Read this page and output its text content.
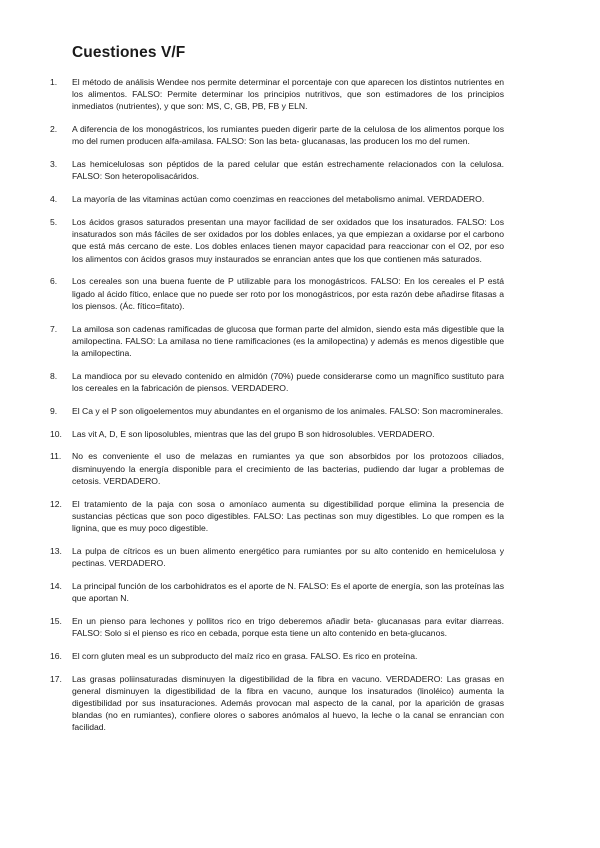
Cuestiones V/F
1.	El método de análisis Wendee nos permite determinar el porcentaje con que aparecen los distintos nutrientes en los alimentos. FALSO: Permite determinar los principios nutritivos, que son estimadores de los principios inmediatos (nutrientes), y que son: MS, C, GB, PB, FB y ELN.
2.	A diferencia de los monogástricos, los rumiantes pueden digerir parte de la celulosa de los alimentos porque los mo del rumen producen alfa-amilasa. FALSO: Son las beta- glucanasas, las producen los mo del rumen.
3.	Las hemicelulosas son péptidos de la pared celular que están estrechamente relacionados con la celulosa. FALSO: Son heteropolisacáridos.
4.	La mayoría de las vitaminas actúan como coenzimas en reacciones del metabolismo animal. VERDADERO.
5.	Los ácidos grasos saturados presentan una mayor facilidad de ser oxidados que los insaturados. FALSO: Los insaturados son más fáciles de ser oxidados por los dobles enlaces, ya que empiezan a oxidarse por el carbono que está más cercano de este. Los dobles enlaces tienen mayor capacidad para reaccionar con el O2, por eso los alimentos con ácidos grasos muy instaurados se enrancian antes que los que contienen más saturados.
6.	Los cereales son una buena fuente de P utilizable para los monogástricos. FALSO: En los cereales el P está ligado al ácido fítico, enlace que no puede ser roto por los monogástricos, por esta razón debe añadirse fitasas a los piensos. (Ác. fítico=fitato).
7.	La amilosa son cadenas ramificadas de glucosa que forman parte del almidon, siendo esta más digestible que la amilopectina. FALSO: La amilasa no tiene ramificaciones (es la amilopectina) y además es menos digestible que la amilopectina.
8.	La mandioca por su elevado contenido en almidón (70%) puede considerarse como un magnífico sustituto para los cereales en la fabricación de piensos. VERDADERO.
9.	El Ca y el P son oligoelementos muy abundantes en el organismo de los animales. FALSO: Son macrominerales.
10.	Las vit A, D, E son liposolubles, mientras que las del grupo B son hidrosolubles. VERDADERO.
11.	No es conveniente el uso de melazas en rumiantes ya que son absorbidos por los protozoos ciliados, disminuyendo la energía disponible para el crecimiento de las bacterias, pudiendo dar lugar a problemas de cetosis. VERDADERO.
12.	El tratamiento de la paja con sosa o amoníaco aumenta su digestibilidad porque elimina la presencia de sustancias pécticas que son poco digestibles. FALSO: Las pectinas son muy digestibles. Lo que rompen es la lignina, que es muy poco digestible.
13.	La pulpa de cítricos es un buen alimento energético para rumiantes por su alto contenido en hemicelulosa y pectinas. VERDADERO.
14.	La principal función de los carbohidratos es el aporte de N. FALSO: Es el aporte de energía, son las proteínas las que aportan N.
15.	En un pienso para lechones y pollitos rico en trigo deberemos añadir beta- glucanasas para evitar diarreas. FALSO: Solo si el pienso es rico en cebada, porque esta tiene un alto contenido en beta-glucanos.
16.	El corn gluten meal es un subproducto del maíz rico en grasa. FALSO. Es rico en proteína.
17.	Las grasas poliinsaturadas disminuyen la digestibilidad de la fibra en vacuno. VERDADERO: Las grasas en general disminuyen la digestibilidad de la fibra en vacuno, aunque los insaturados (linoléico) aumenta la digestibilidad por sus insaturaciones. Además provocan mal aspecto de la canal, por la aparición de grasas blandas (no en rumiantes), confiere olores o sabores anómalos al huevo, la leche o la canal se enrancian con facilidad.
